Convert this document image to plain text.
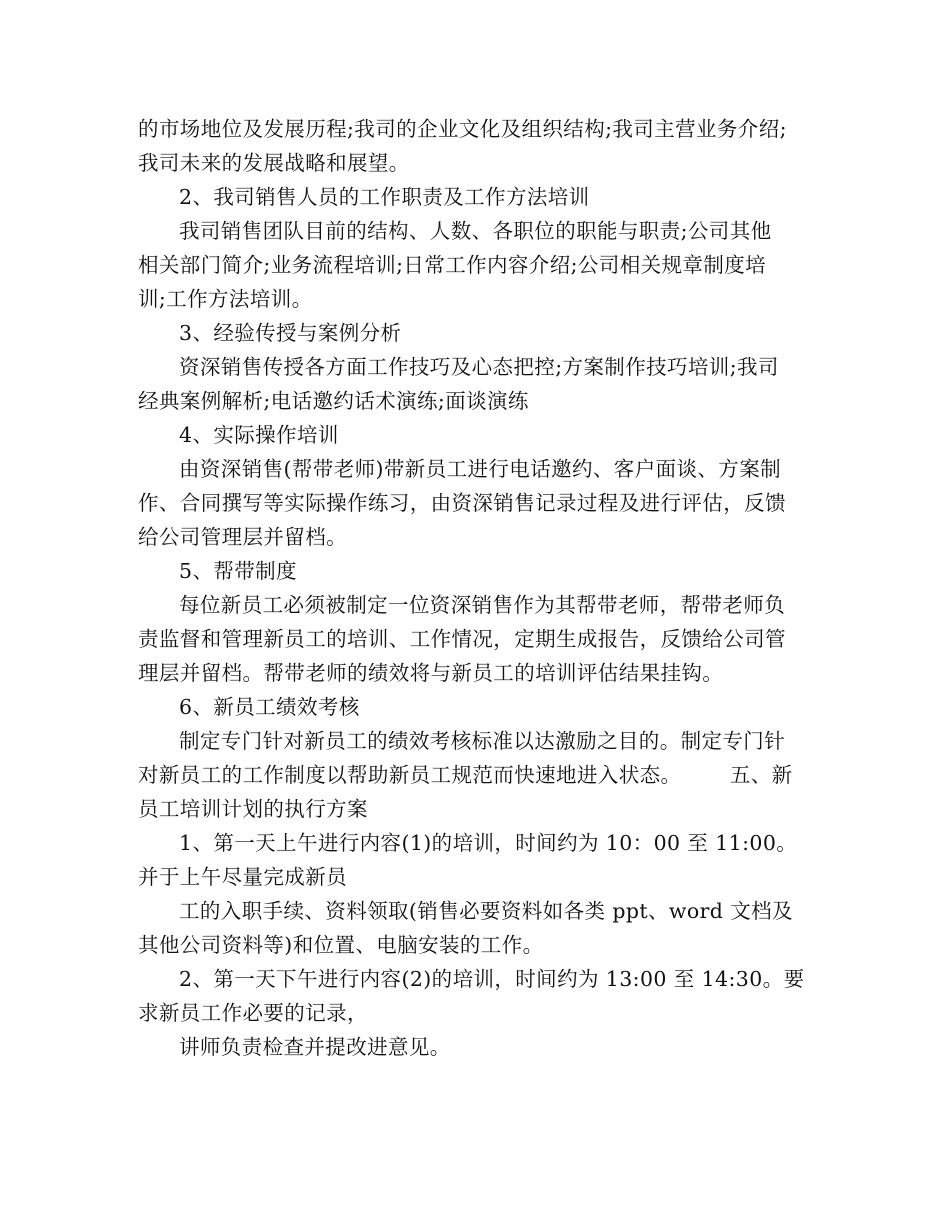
的市场地位及发展历程;我司的企业文化及组织结构;我司主营业务介绍;
我司未来的发展战略和展望。
2、我司销售人员的工作职责及工作方法培训
我司销售团队目前的结构、人数、各职位的职能与职责;公司其他
相关部门简介;业务流程培训;日常工作内容介绍;公司相关规章制度培
训;工作方法培训。
3、经验传授与案例分析
资深销售传授各方面工作技巧及心态把控;方案制作技巧培训;我司
经典案例解析;电话邀约话术演练;面谈演练
4、实际操作培训
由资深销售(帮带老师)带新员工进行电话邀约、客户面谈、方案制
作、合同撰写等实际操作练习，由资深销售记录过程及进行评估，反馈
给公司管理层并留档。
5、帮带制度
每位新员工必须被制定一位资深销售作为其帮带老师，帮带老师负
责监督和管理新员工的培训、工作情况，定期生成报告，反馈给公司管
理层并留档。帮带老师的绩效将与新员工的培训评估结果挂钩。
6、新员工绩效考核
制定专门针对新员工的绩效考核标准以达激励之目的。制定专门针
对新员工的工作制度以帮助新员工规范而快速地进入状态。       五、新
员工培训计划的执行方案
1、第一天上午进行内容(1)的培训，时间约为 10：00 至 11:00。
并于上午尽量完成新员
工的入职手续、资料领取(销售必要资料如各类 ppt、word 文档及
其他公司资料等)和位置、电脑安装的工作。
2、第一天下午进行内容(2)的培训，时间约为 13:00 至 14:30。要
求新员工作必要的记录，
讲师负责检查并提改进意见。
